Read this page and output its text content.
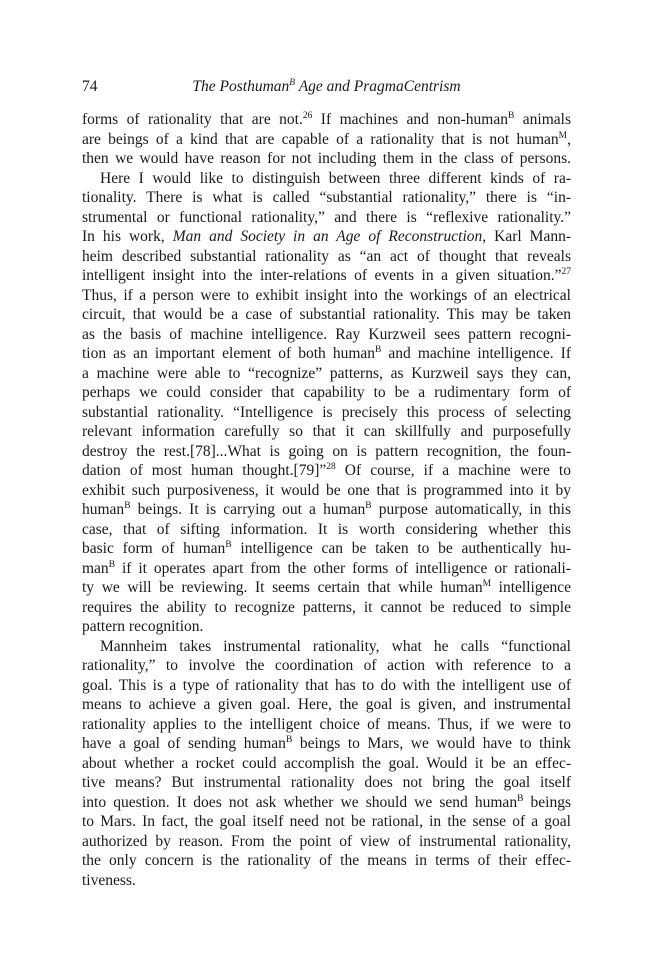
74	The Posthuman$^B$ Age and PragmaCentrism
forms of rationality that are not.$^{26}$ If machines and non-human$^B$ animals
are beings of a kind that are capable of a rationality that is not human$^M$,
then we would have reason for not including them in the class of persons.
Here I would like to distinguish between three different kinds of ra-
tionality. There is what is called “substantial rationality,” there is “in-
strumental or functional rationality,” and there is “reflexive rationality.”
In his work, Man and Society in an Age of Reconstruction, Karl Mann-
heim described substantial rationality as “an act of thought that reveals
intelligent insight into the inter-relations of events in a given situation.”$^{27}$
Thus, if a person were to exhibit insight into the workings of an electrical
circuit, that would be a case of substantial rationality. This may be taken
as the basis of machine intelligence. Ray Kurzweil sees pattern recogni-
tion as an important element of both human$^B$ and machine intelligence. If
a machine were able to “recognize” patterns, as Kurzweil says they can,
perhaps we could consider that capability to be a rudimentary form of
substantial rationality. “Intelligence is precisely this process of selecting
relevant information carefully so that it can skillfully and purposefully
destroy the rest.[78]...What is going on is pattern recognition, the foun-
dation of most human thought.[79]”$^{28}$ Of course, if a machine were to
exhibit such purposiveness, it would be one that is programmed into it by
human$^B$ beings. It is carrying out a human$^B$ purpose automatically, in this
case, that of sifting information. It is worth considering whether this
basic form of human$^B$ intelligence can be taken to be authentically hu-
man$^B$ if it operates apart from the other forms of intelligence or rationali-
ty we will be reviewing. It seems certain that while human$^M$ intelligence
requires the ability to recognize patterns, it cannot be reduced to simple
pattern recognition.
Mannheim takes instrumental rationality, what he calls “functional
rationality,” to involve the coordination of action with reference to a
goal. This is a type of rationality that has to do with the intelligent use of
means to achieve a given goal. Here, the goal is given, and instrumental
rationality applies to the intelligent choice of means. Thus, if we were to
have a goal of sending human$^B$ beings to Mars, we would have to think
about whether a rocket could accomplish the goal. Would it be an effec-
tive means? But instrumental rationality does not bring the goal itself
into question. It does not ask whether we should we send human$^B$ beings
to Mars. In fact, the goal itself need not be rational, in the sense of a goal
authorized by reason. From the point of view of instrumental rationality,
the only concern is the rationality of the means in terms of their effec-
tiveness.
